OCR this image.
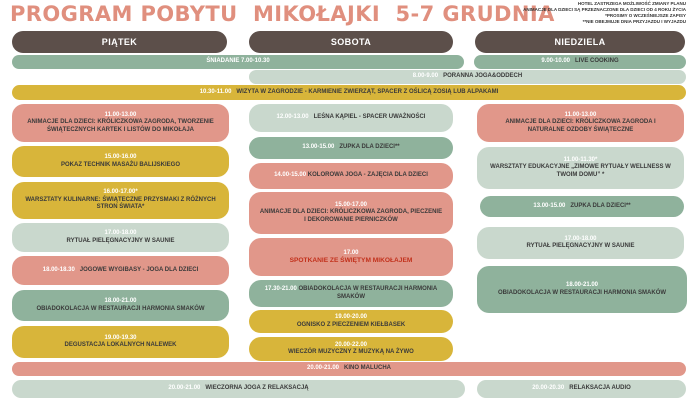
PROGRAM POBYTU  MIKOŁAJKI  5-7 GRUDNIA	HOTEL ZASTRZEGA MOŻLIWOŚĆ ZMIANY PLANU
ANIMACJE DLA DZIECI SĄ PRZEZNACZONE DLA DZIECI OD 4 ROKU ŻYCIA
*PROSIMY O WCZEŚNIEJSZE ZAPISY
**NIE OBEJMUJE DNIA PRZYJAZDU I WYJAZDU
PIĄTEK	SOBOTA	NIEDZIELA
ŚNIADANIE 7.00-10.30	9.00-10.00 LIVE COOKING
8.00-9.00 PORANNA JOGA&ODDECH
10.30-11.00 WIZYTA W ZAGRODZIE - KARMIENIE ZWIERZĄT, SPACER Z OŚLICĄ ZOSIĄ LUB ALPAKAMI
11.00-13.00
ANIMACJE DLA DZIECI: KRÓLICZKOWA ZAGRODA, TWORZENIE ŚWIĄTECZNYCH KARTEK I LISTÓW DO MIKOŁAJA
15.00-16.00
POKAZ TECHNIK MASAŻU BALIJSKIEGO
16.00-17.00*
WARSZTATY KULINARNE: ŚWIĄTECZNE PRZYSMAKI Z RÓŻNYCH STRON ŚWIATA*
17.00-18.00
RYTUAŁ PIELĘGNACYJNY W SAUNIE
18.00-18.30 JOGOWE WYGIBASY - JOGA DLA DZIECI
18.00-21.00
OBIADOKOLACJA W RESTAURACJI HARMONIA SMAKÓW
19.00-19.30
DEGUSTACJA LOKALNYCH NALEWEK
12.00-13.00 LEŚNA KĄPIEL - SPACER UWAŻNOŚCI
13.00-15.00 ZUPKA DLA DZIECI**
14.00-15.00 KOLOROWA JOGA - ZAJĘCIA DLA DZIECI
15.00-17.00
ANIMACJE DLA DZIECI: KRÓLICZKOWA ZAGRODA, PIECZENIE I DEKOROWANIE PIERNICZKÓW
17.00
SPOTKANIE ZE ŚWIĘTYM MIKOŁAJEM
17.30-21.00 OBIADOKOLACJA W RESTAURACJI HARMONIA SMAKÓW
19.00-20.00
OGNISKO Z PIECZENIEM KIEŁBASEK
20.00-22.00
WIECZÓR MUZYCZNY Z MUZYKĄ NA ŻYWO
11.00-13.00
ANIMACJE DLA DZIECI: KRÓLICZKOWA ZAGRODA I NATURALNE OZDOBY ŚWIĄTECZNE
11.00-11.30*
WARSZTATY EDUKACYJNE „ZIMOWE RYTUAŁY WELLNESS W TWOIM DOMU” *
13.00-15.00 ZUPKA DLA DZIECI**
17.00-18.00
RYTUAŁ PIELĘGNACYJNY W SAUNIE
18.00-21.00
OBIADOKOLACJA W RESTAURACJI HARMONIA SMAKÓW
20.00-21.00 KINO MALUCHA
20.00-21.00 WIECZORNA JOGA Z RELAKSACJĄ	20.00-20.30 RELAKSACJA AUDIO
